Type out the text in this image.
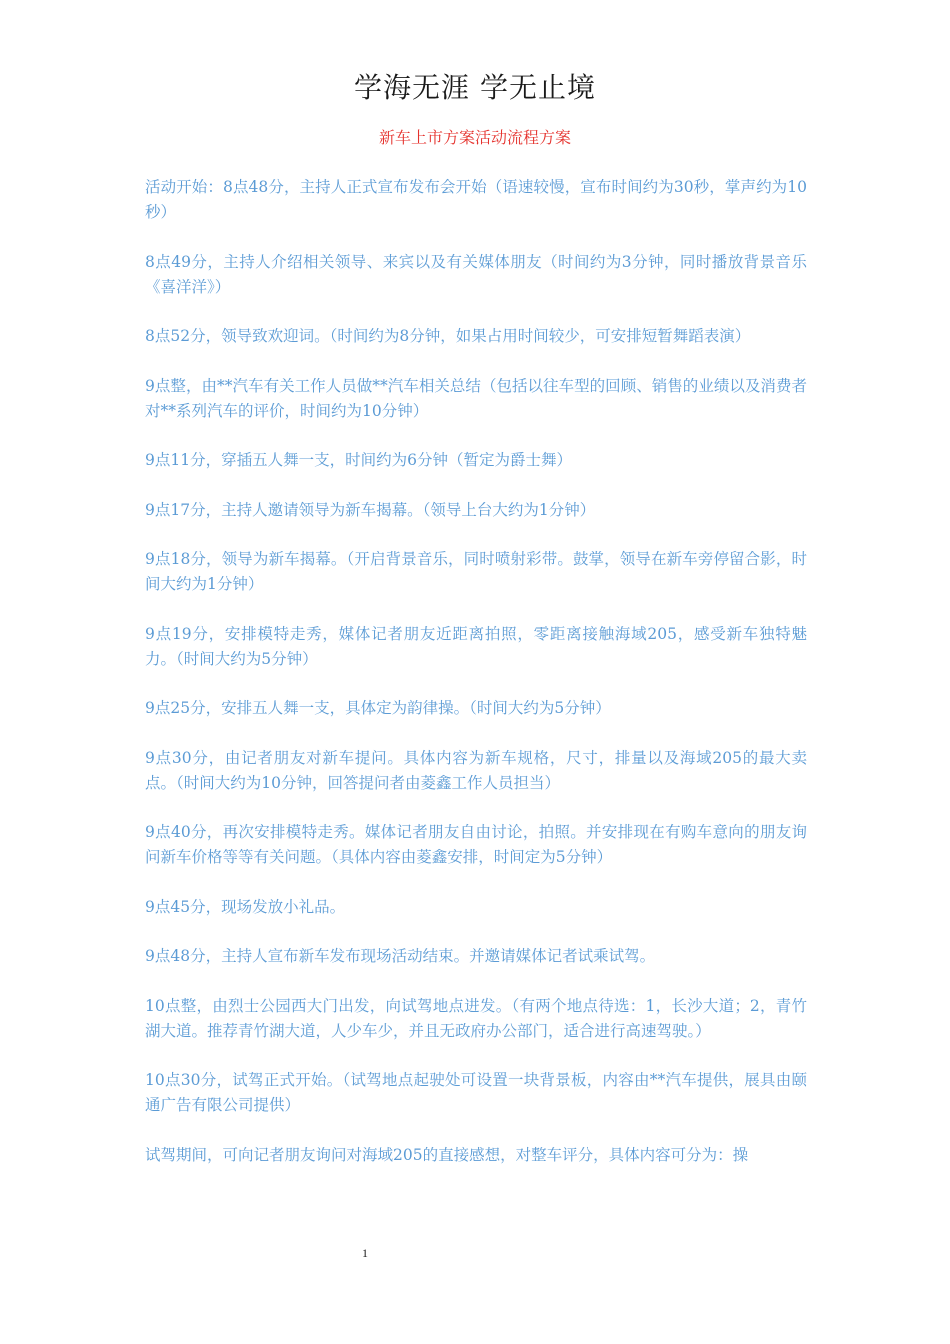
学海无涯 学无止境
新车上市方案活动流程方案

活动开始：8点48分，主持人正式宣布发布会开始（语速较慢，宣布时间约为30秒，掌声约为10秒）

8点49分，主持人介绍相关领导、来宾以及有关媒体朋友（时间约为3分钟，同时播放背景音乐《喜洋洋》）

8点52分，领导致欢迎词。（时间约为8分钟，如果占用时间较少，可安排短暂舞蹈表演）

9点整，由**汽车有关工作人员做**汽车相关总结（包括以往车型的回顾、销售的业绩以及消费者对**系列汽车的评价，时间约为10分钟）

9点11分，穿插五人舞一支，时间约为6分钟（暂定为爵士舞）

9点17分，主持人邀请领导为新车揭幕。（领导上台大约为1分钟）

9点18分，领导为新车揭幕。（开启背景音乐，同时喷射彩带。鼓掌，领导在新车旁停留合影，时间大约为1分钟）

9点19分，安排模特走秀，媒体记者朋友近距离拍照，零距离接触海域205，感受新车独特魅力。（时间大约为5分钟）

9点25分，安排五人舞一支，具体定为韵律操。（时间大约为5分钟）

9点30分，由记者朋友对新车提问。具体内容为新车规格，尺寸，排量以及海域205的最大卖点。（时间大约为10分钟，回答提问者由菱鑫工作人员担当）

9点40分，再次安排模特走秀。媒体记者朋友自由讨论，拍照。并安排现在有购车意向的朋友询问新车价格等等有关问题。（具体内容由菱鑫安排，时间定为5分钟）

9点45分，现场发放小礼品。

9点48分，主持人宣布新车发布现场活动结束。并邀请媒体记者试乘试驾。

10点整，由烈士公园西大门出发，向试驾地点进发。（有两个地点待选：1，长沙大道；2，青竹湖大道。推荐青竹湖大道，人少车少，并且无政府办公部门，适合进行高速驾驶。）

10点30分，试驾正式开始。（试驾地点起驶处可设置一块背景板，内容由**汽车提供，展具由颐通广告有限公司提供）

试驾期间，可向记者朋友询问对海域205的直接感想，对整车评分，具体内容可分为：操

1
